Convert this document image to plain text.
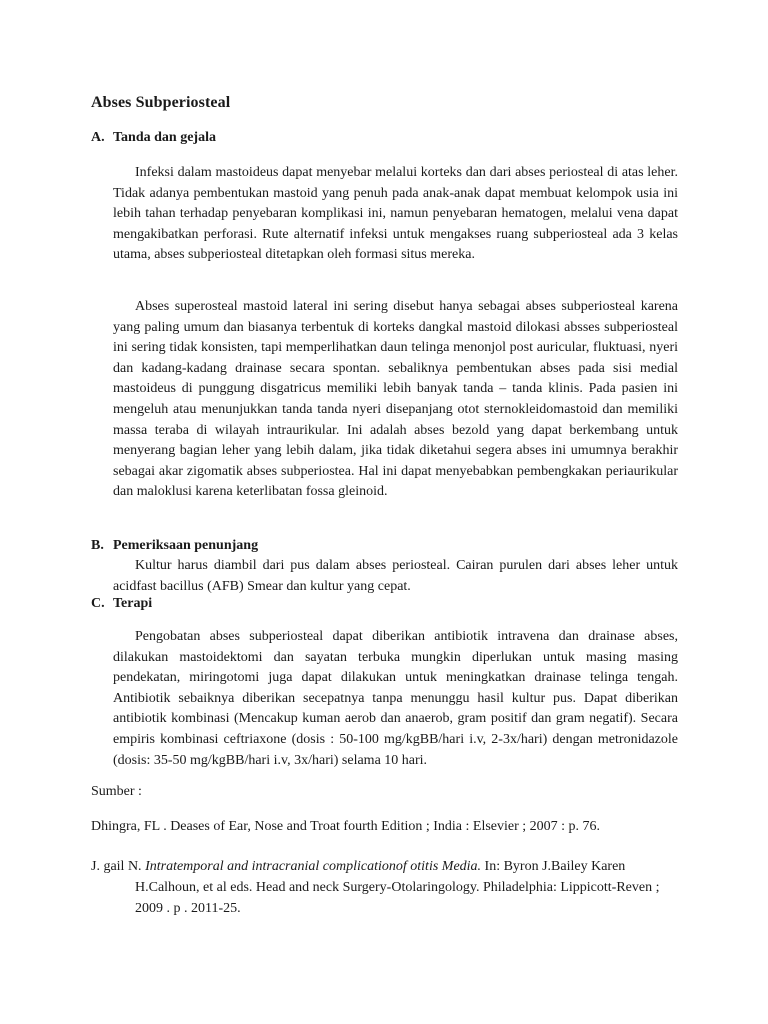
Abses Subperiosteal
A. Tanda dan gejala

Infeksi dalam mastoideus dapat menyebar melalui korteks dan dari abses periosteal di atas leher. Tidak adanya pembentukan mastoid yang penuh pada anak-anak dapat membuat kelompok usia ini lebih tahan terhadap penyebaran komplikasi ini, namun penyebaran hematogen, melalui vena dapat mengakibatkan perforasi. Rute alternatif infeksi untuk mengakses ruang subperiosteal ada 3 kelas utama, abses subperiosteal ditetapkan oleh formasi situs mereka.

Abses superosteal mastoid lateral ini sering disebut hanya sebagai abses subperiosteal karena yang paling umum dan biasanya terbentuk di korteks dangkal mastoid dilokasi absses subperiosteal ini sering tidak konsisten, tapi memperlihatkan daun telinga menonjol post auricular, fluktuasi, nyeri dan kadang-kadang drainase secara spontan. sebaliknya pembentukan abses pada sisi medial mastoideus di punggung disgatricus memiliki lebih banyak tanda – tanda klinis. Pada pasien ini mengeluh atau menunjukkan tanda tanda nyeri disepanjang otot sternokleidomastoid dan memiliki massa teraba di wilayah intraurikular. Ini adalah abses bezold yang dapat berkembang untuk menyerang bagian leher yang lebih dalam, jika tidak diketahui segera abses ini umumnya berakhir sebagai akar zigomatik abses subperiostea. Hal ini dapat menyebabkan pembengkakan periaurikular dan maloklusi karena keterlibatan fossa gleinoid.

B. Pemeriksaan penunjang

Kultur harus diambil dari pus dalam abses periosteal. Cairan purulen dari abses leher untuk acidfast bacillus (AFB) Smear dan kultur yang cepat.

C. Terapi

Pengobatan abses subperiosteal dapat diberikan antibiotik intravena dan drainase abses, dilakukan mastoidektomi dan sayatan terbuka mungkin diperlukan untuk masing masing pendekatan, miringotomi juga dapat dilakukan untuk meningkatkan drainase telinga tengah. Antibiotik sebaiknya diberikan secepatnya tanpa menunggu hasil kultur pus. Dapat diberikan antibiotik kombinasi (Mencakup kuman aerob dan anaerob, gram positif dan gram negatif). Secara empiris kombinasi ceftriaxone (dosis : 50-100 mg/kgBB/hari i.v, 2-3x/hari) dengan metronidazole (dosis: 35-50 mg/kgBB/hari i.v, 3x/hari) selama 10 hari.

Sumber :

Dhingra, FL . Deases of Ear, Nose and Troat fourth Edition ; India : Elsevier ; 2007 : p. 76.

J. gail N. Intratemporal and intracranial complicationof otitis Media. In: Byron J.Bailey Karen H.Calhoun, et al eds. Head and neck Surgery-Otolaringology. Philadelphia: Lippicott-Reven ; 2009 . p . 2011-25.
